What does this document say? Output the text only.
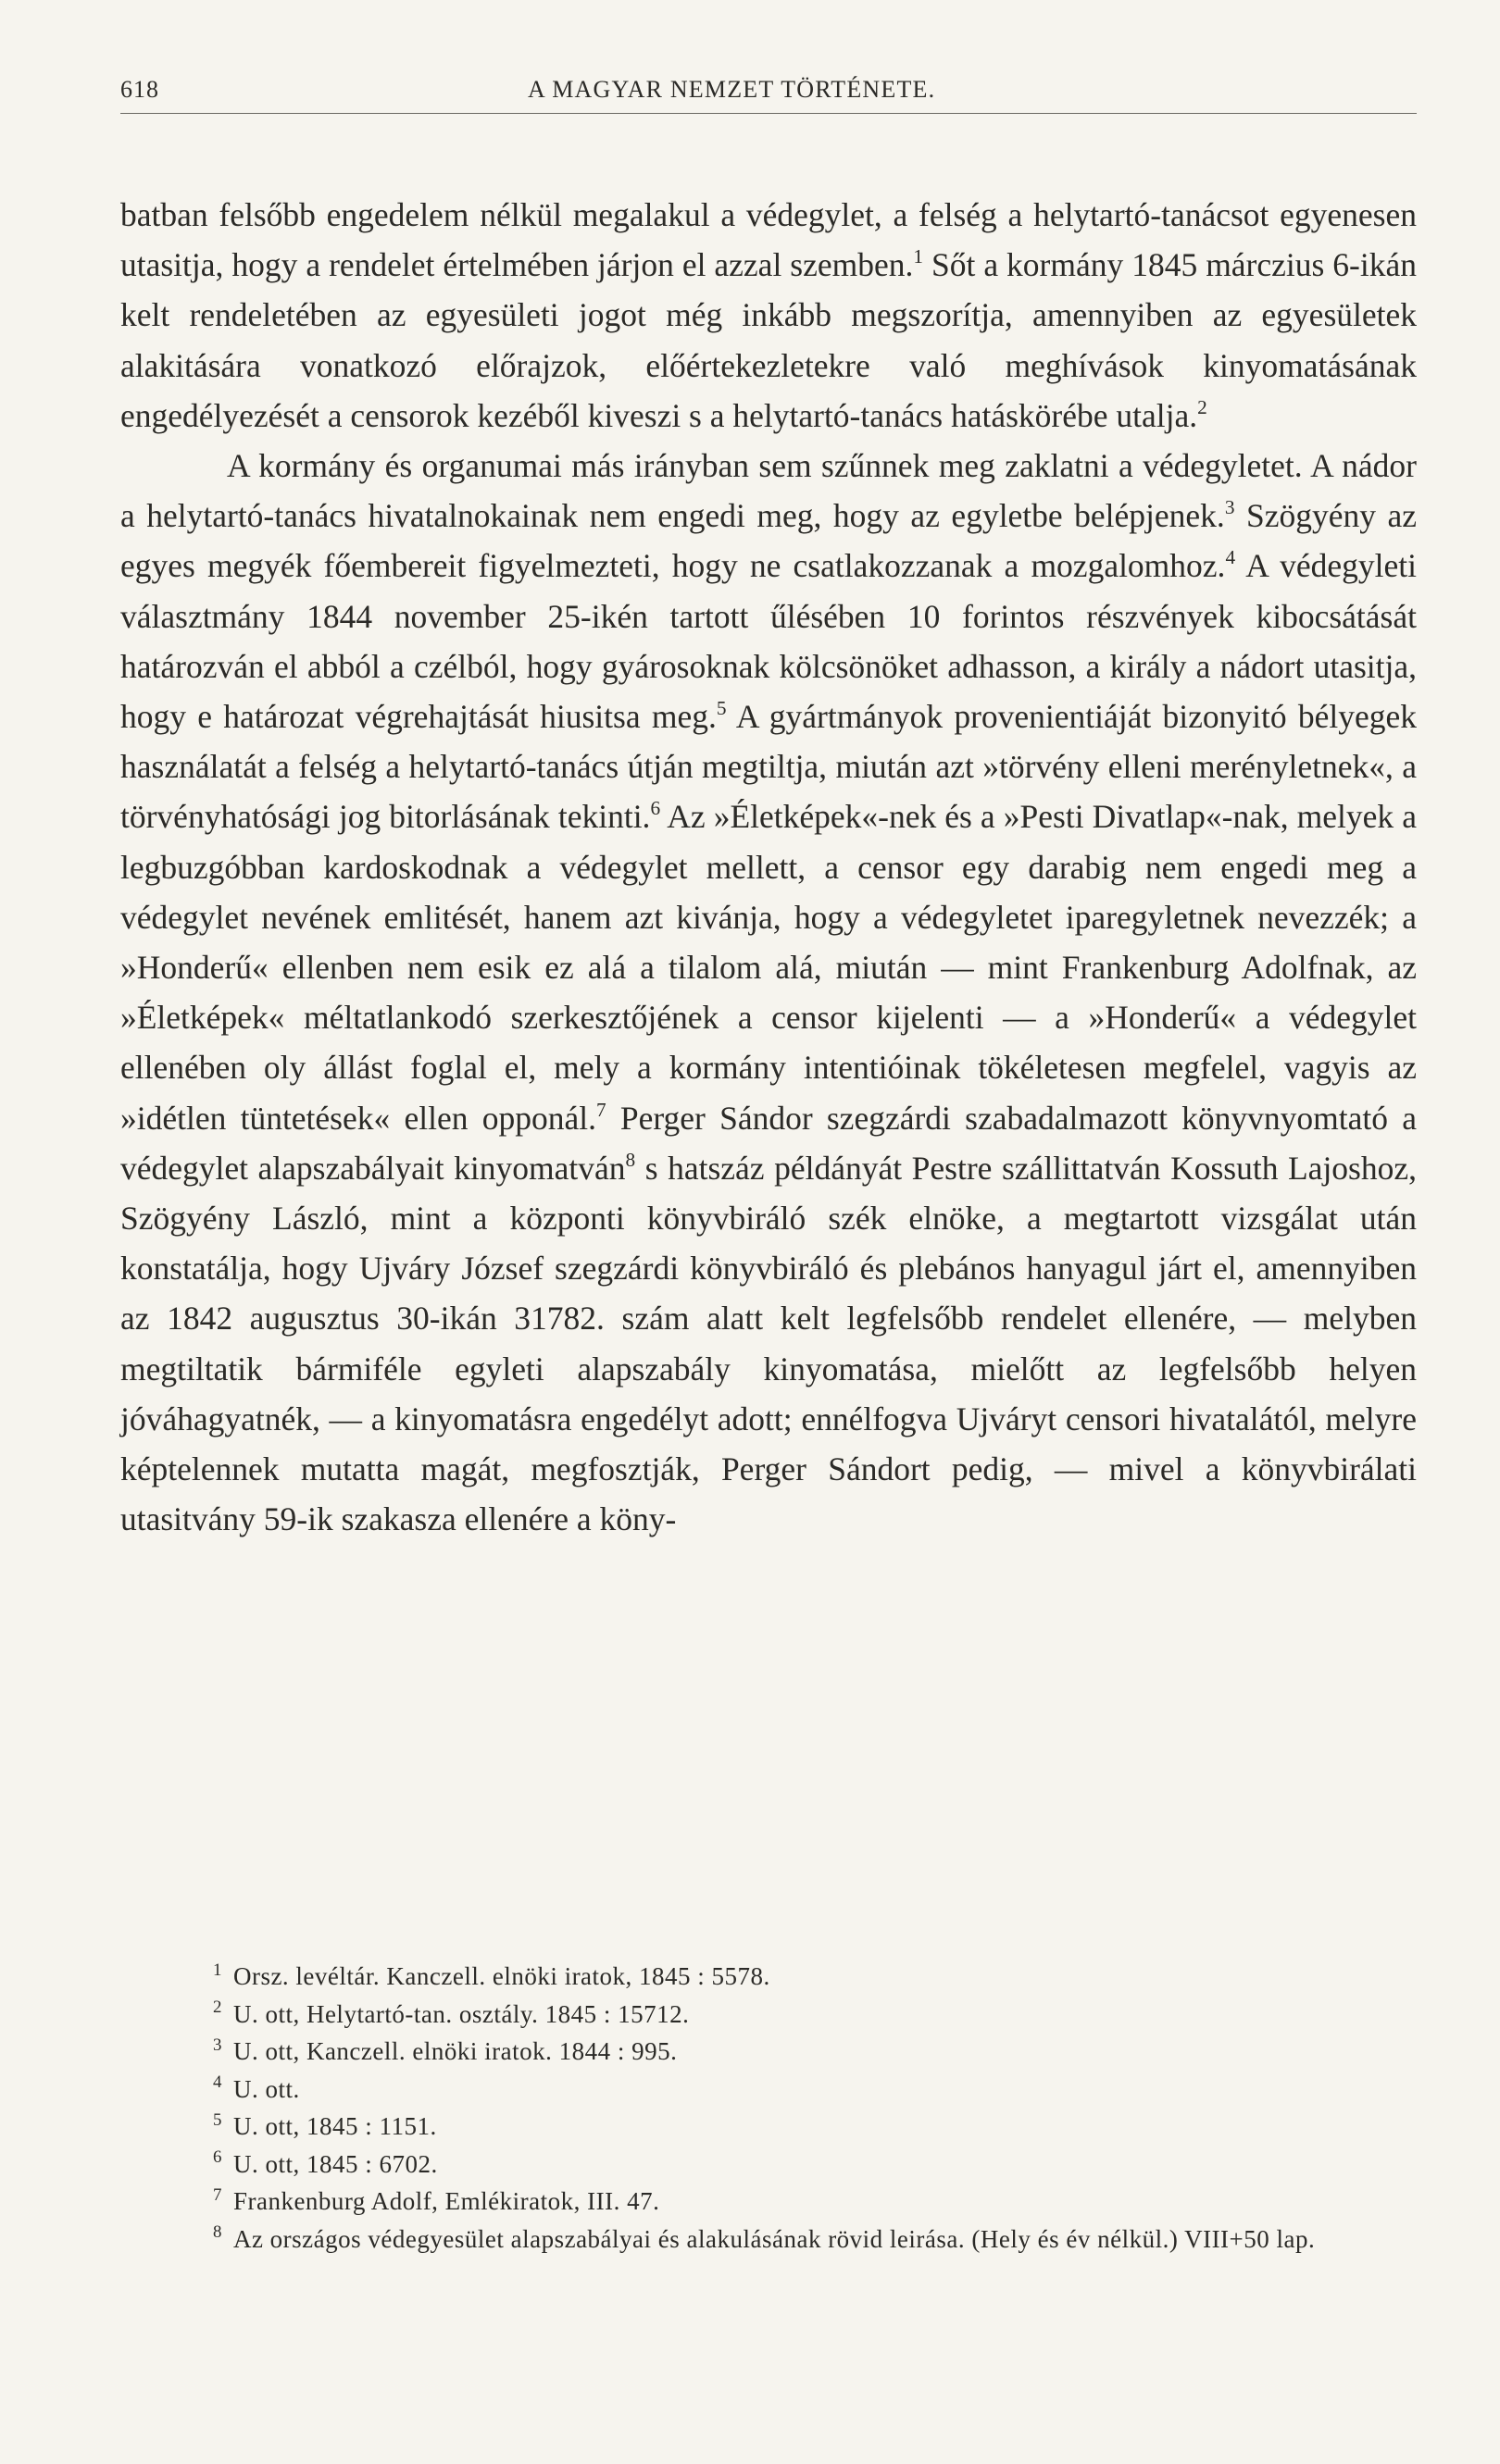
618	A MAGYAR NEMZET TÖRTÉNETE.

batban felsőbb engedelem nélkül megalakul a védegylet, a felség a helytartó-tanácsot egyenesen utasitja, hogy a rendelet értelmében járjon el azzal szemben.$^1$ Sőt a kormány 1845 márczius 6-ikán kelt rendeletében az egyesületi jogot még inkább megszorítja, amennyiben az egyesületek alakitására vonatkozó előrajzok, előértekezletekre való meghívások kinyomatásának engedélyezését a censorok kezéből kiveszi s a helytartó-tanács hatáskörébe utalja.$^2$

A kormány és organumai más irányban sem szűnnek meg zaklatni a védegyletet. A nádor a helytartó-tanács hivatalnokainak nem engedi meg, hogy az egyletbe belépjenek.$^3$ Szögyény az egyes megyék főembereit figyelmezteti, hogy ne csatlakozzanak a mozgalomhoz.$^4$ A védegyleti választmány 1844 november 25-ikén tartott űlésében 10 forintos részvények kibocsátását határozván el abból a czélból, hogy gyárosoknak kölcsönöket adhasson, a király a nádort utasitja, hogy e határozat végrehajtását hiusitsa meg.$^5$ A gyártmányok provenientiáját bizonyitó bélyegek használatát a felség a helytartó-tanács útján megtiltja, miután azt »törvény elleni merényletnek«, a törvényhatósági jog bitorlásának tekinti.$^6$ Az »Életképek«-nek és a »Pesti Divatlap«-nak, melyek a legbuzgóbban kardoskodnak a védegylet mellett, a censor egy darabig nem engedi meg a védegylet nevének emlitését, hanem azt kivánja, hogy a védegyletet iparegyletnek nevezzék; a »Honderű« ellenben nem esik ez alá a tilalom alá, miután — mint Frankenburg Adolfnak, az »Életképek« méltatlankodó szerkesztőjének a censor kijelenti — a »Honderű« a védegylet ellenében oly állást foglal el, mely a kormány intentióinak tökéletesen megfelel, vagyis az »idétlen tüntetések« ellen opponál.$^7$ Perger Sándor szegzárdi szabadalmazott könyvnyomtató a védegylet alapszabályait kinyomatván$^8$ s hatszáz példányát Pestre szállittatván Kossuth Lajoshoz, Szögyény László, mint a központi könyvbiráló szék elnöke, a megtartott vizsgálat után konstatálja, hogy Ujváry József szegzárdi könyvbiráló és plebános hanyagul járt el, amennyiben az 1842 augusztus 30-ikán 31782. szám alatt kelt legfelsőbb rendelet ellenére, — melyben megtiltatik bármiféle egyleti alapszabály kinyomatása, mielőtt az legfelsőbb helyen jóváhagyatnék, — a kinyomatásra engedélyt adott; ennélfogva Ujváryt censori hivatalától, melyre képtelennek mutatta magát, megfosztják, Perger Sándort pedig, — mivel a könyvbirálati utasitvány 59-ik szakasza ellenére a köny-

$^1$ Orsz. levéltár. Kanczell. elnöki iratok, 1845 : 5578.
$^2$ U. ott, Helytartó-tan. osztály. 1845 : 15712.
$^3$ U. ott, Kanczell. elnöki iratok. 1844 : 995.
$^4$ U. ott.
$^5$ U. ott, 1845 : 1151.
$^6$ U. ott, 1845 : 6702.
$^7$ Frankenburg Adolf, Emlékiratok, III. 47.
$^8$ Az országos védegyesület alapszabályai és alakulásának rövid leirása. (Hely és év nélkül.) VIII+50 lap.
